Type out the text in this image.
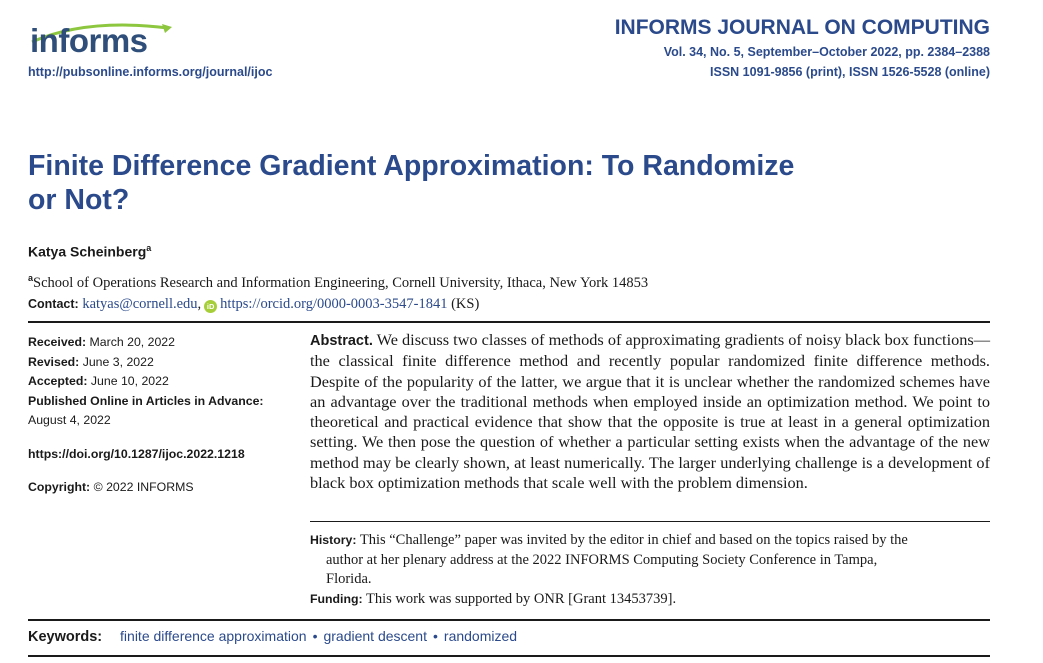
informs
http://pubsonline.informs.org/journal/ijoc
INFORMS JOURNAL ON COMPUTING
Vol. 34, No. 5, September–October 2022, pp. 2384–2388
ISSN 1091-9856 (print), ISSN 1526-5528 (online)
Finite Difference Gradient Approximation: To Randomize
or Not?
Katya Scheinberg$^a$
$^a$School of Operations Research and Information Engineering, Cornell University, Ithaca, New York 14853
Contact: katyas@cornell.edu, iD https://orcid.org/0000-0003-3547-1841 (KS)
Received: March 20, 2022
Revised: June 3, 2022
Accepted: June 10, 2022
Published Online in Articles in Advance:
August 4, 2022
https://doi.org/10.1287/ijoc.2022.1218
Copyright: © 2022 INFORMS
Abstract. We discuss two classes of methods of approximating gradients of noisy black box functions—the classical finite difference method and recently popular randomized finite difference methods. Despite of the popularity of the latter, we argue that it is unclear whether the randomized schemes have an advantage over the traditional methods when employed inside an optimization method. We point to theoretical and practical evidence that show that the opposite is true at least in a general optimization setting. We then pose the question of whether a particular setting exists when the advantage of the new method may be clearly shown, at least numerically. The larger underlying challenge is a development of black box optimization methods that scale well with the problem dimension.
History: This “Challenge” paper was invited by the editor in chief and based on the topics raised by the
author at her plenary address at the 2022 INFORMS Computing Society Conference in Tampa,
Florida.
Funding: This work was supported by ONR [Grant 13453739].
Keywords: finite difference approximation • gradient descent • randomized
